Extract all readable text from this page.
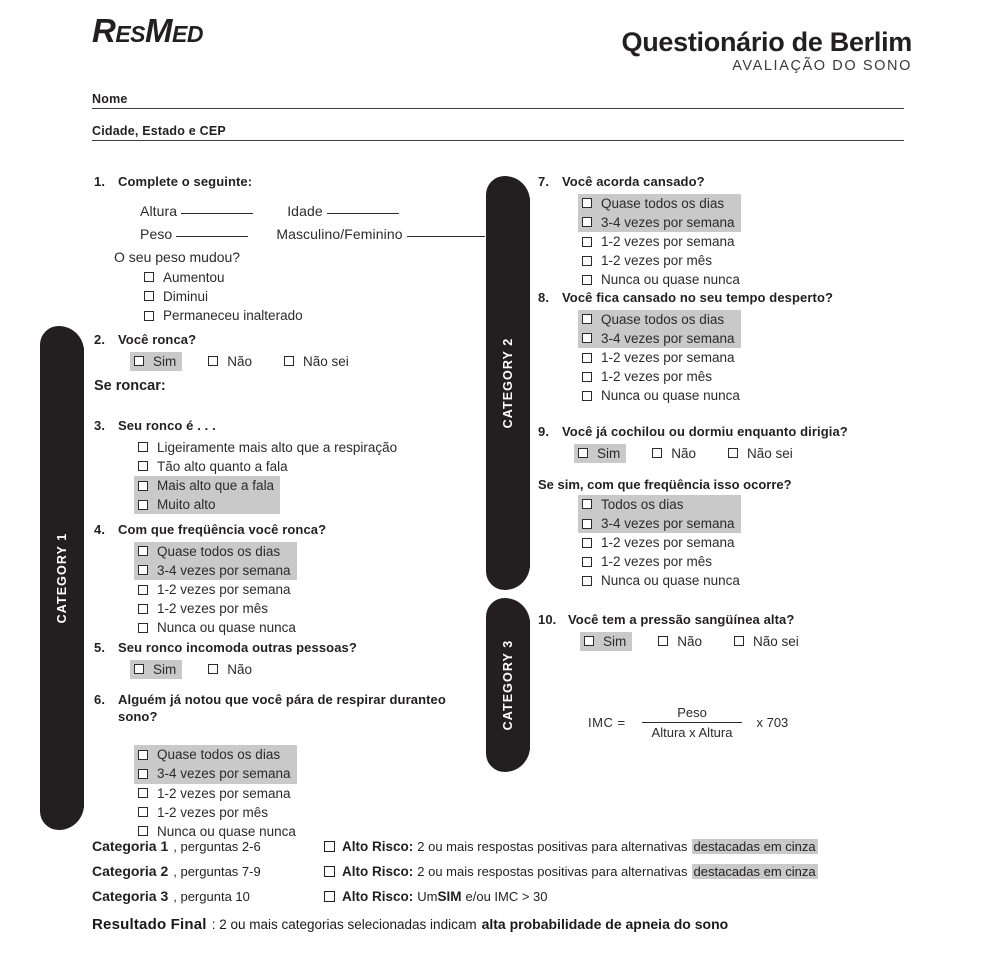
ResMed	Questionário de Berlim
AVALIAÇÃO DO SONO
Nome
Cidade, Estado e CEP
CATEGORY 1
CATEGORY 2
CATEGORY 3
1. Complete o seguinte:
Altura	Idade
Peso	Masculino/Feminino
O seu peso mudou?
Aumentou
Diminui
Permaneceu inalterado
2. Você ronca?
Sim	Não	Não sei
Se roncar:
3. Seu ronco é . . .
Ligeiramente mais alto que a respiração
Tão alto quanto a fala
Mais alto que a fala
Muito alto
4. Com que freqüência você ronca?
Quase todos os dias
3-4 vezes por semana
1-2 vezes por semana
1-2 vezes por mês
Nunca ou quase nunca
5. Seu ronco incomoda outras pessoas?
Sim	Não
6. Alguém já notou que você pára de respirar duranteo sono?
Quase todos os dias
3-4 vezes por semana
1-2 vezes por semana
1-2 vezes por mês
Nunca ou quase nunca
7. Você acorda cansado?
Quase todos os dias
3-4 vezes por semana
1-2 vezes por semana
1-2 vezes por mês
Nunca ou quase nunca
8. Você fica cansado no seu tempo desperto?
Quase todos os dias
3-4 vezes por semana
1-2 vezes por semana
1-2 vezes por mês
Nunca ou quase nunca
9. Você já cochilou ou dormiu enquanto dirigia?
Sim	Não	Não sei
Se sim, com que freqüência isso ocorre?
Todos os dias
3-4 vezes por semana
1-2 vezes por semana
1-2 vezes por mês
Nunca ou quase nunca
10. Você tem a pressão sangüínea alta?
Sim	Não	Não sei
IMC = $\frac{\text{Peso}}{\text{Altura x Altura}}$ x 703
Categoria 1 , perguntas 2-6	Alto Risco: 2 ou mais respostas positivas para alternativas destacadas em cinza
Categoria 2 , perguntas 7-9	Alto Risco: 2 ou mais respostas positivas para alternativas destacadas em cinza
Categoria 3 , pergunta 10	Alto Risco: Um SIM e/ou IMC > 30
Resultado Final : 2 ou mais categorias selecionadas indicam alta probabilidade de apneia do sono
